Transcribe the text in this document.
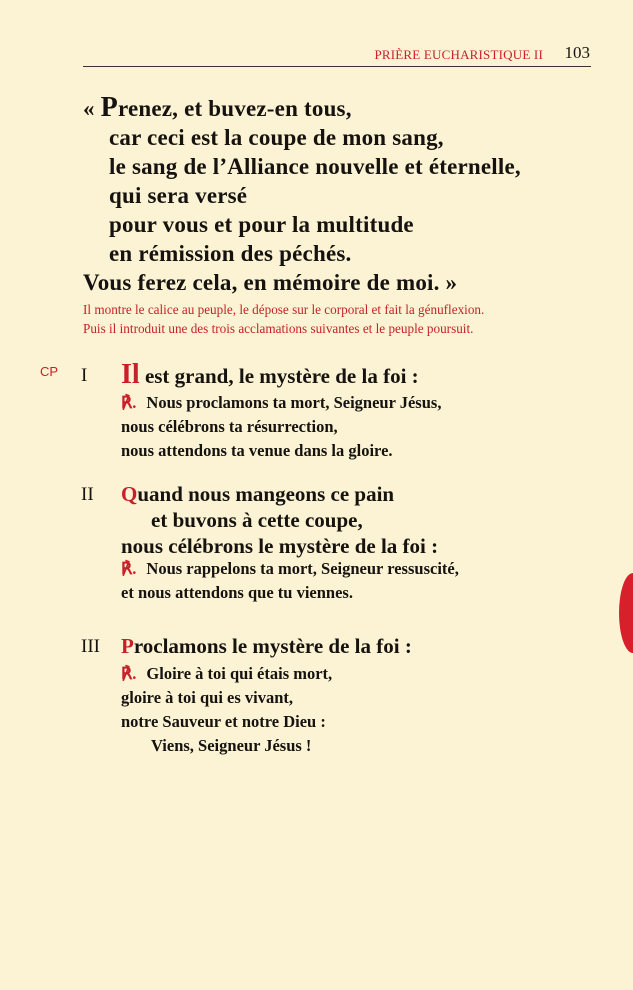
PRIÈRE EUCHARISTIQUE II 103
« Prenez, et buvez-en tous,
car ceci est la coupe de mon sang,
le sang de l’Alliance nouvelle et éternelle,
qui sera versé
pour vous et pour la multitude
en rémission des péchés.
Vous ferez cela, en mémoire de moi. »
Il montre le calice au peuple, le dépose sur le corporal et fait la génuflexion.
Puis il introduit une des trois acclamations suivantes et le peuple poursuit.
CP I Il est grand, le mystère de la foi :
℟. Nous proclamons ta mort, Seigneur Jésus,
nous célébrons ta résurrection,
nous attendons ta venue dans la gloire.
II Quand nous mangeons ce pain
et buvons à cette coupe,
nous célébrons le mystère de la foi :
℟. Nous rappelons ta mort, Seigneur ressuscité,
et nous attendons que tu viennes.
III Proclamons le mystère de la foi :
℟. Gloire à toi qui étais mort,
gloire à toi qui es vivant,
notre Sauveur et notre Dieu :
Viens, Seigneur Jésus !
